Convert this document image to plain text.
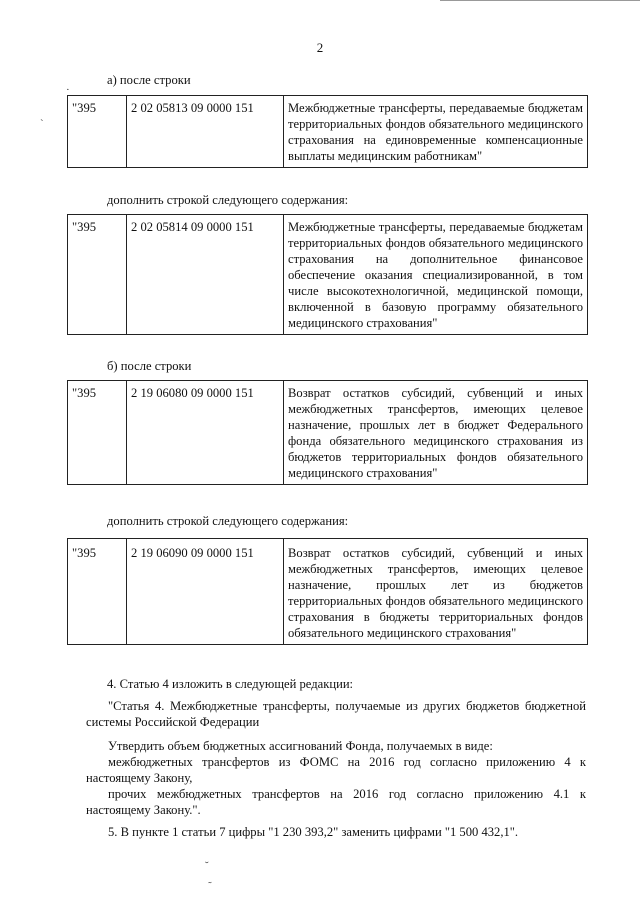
·
`
2
а) после строки
"395	2 02 05813 09 0000 151	Межбюджетные трансферты, передаваемые бюджетам территориальных фондов обязательного медицинского страхования на единовременные компенсационные выплаты медицинским работникам"
дополнить строкой следующего содержания:
"395	2 02 05814 09 0000 151	Межбюджетные трансферты, передаваемые бюджетам территориальных фондов обязательного медицинского страхования на дополнительное финансовое обеспечение оказания специализированной, в том числе высокотехнологичной, медицинской помощи, включенной в базовую программу обязательного медицинского страхования"
б) после строки
"395	2 19 06080 09 0000 151	Возврат остатков субсидий, субвенций и иных межбюджетных трансфертов, имеющих целевое назначение, прошлых лет в бюджет Федерального фонда обязательного медицинского страхования из бюджетов территориальных фондов обязательного медицинского страхования"
дополнить строкой следующего содержания:
"395	2 19 06090 09 0000 151	Возврат остатков субсидий, субвенций и иных межбюджетных трансфертов, имеющих целевое назначение, прошлых лет из бюджетов территориальных фондов обязательного медицинского страхования в бюджеты территориальных фондов обязательного медицинского страхования"
4. Статью 4 изложить в следующей редакции:
"Статья 4. Межбюджетные трансферты, получаемые из других бюджетов бюджетной системы Российской Федерации
Утвердить объем бюджетных ассигнований Фонда, получаемых в виде:
межбюджетных трансфертов из ФОМС на 2016 год согласно приложению 4 к настоящему Закону,
прочих межбюджетных трансфертов на 2016 год согласно приложению 4.1 к настоящему Закону.".
5. В пункте 1 статьи 7 цифры "1 230 393,2" заменить цифрами "1 500 432,1".
˘
˜
